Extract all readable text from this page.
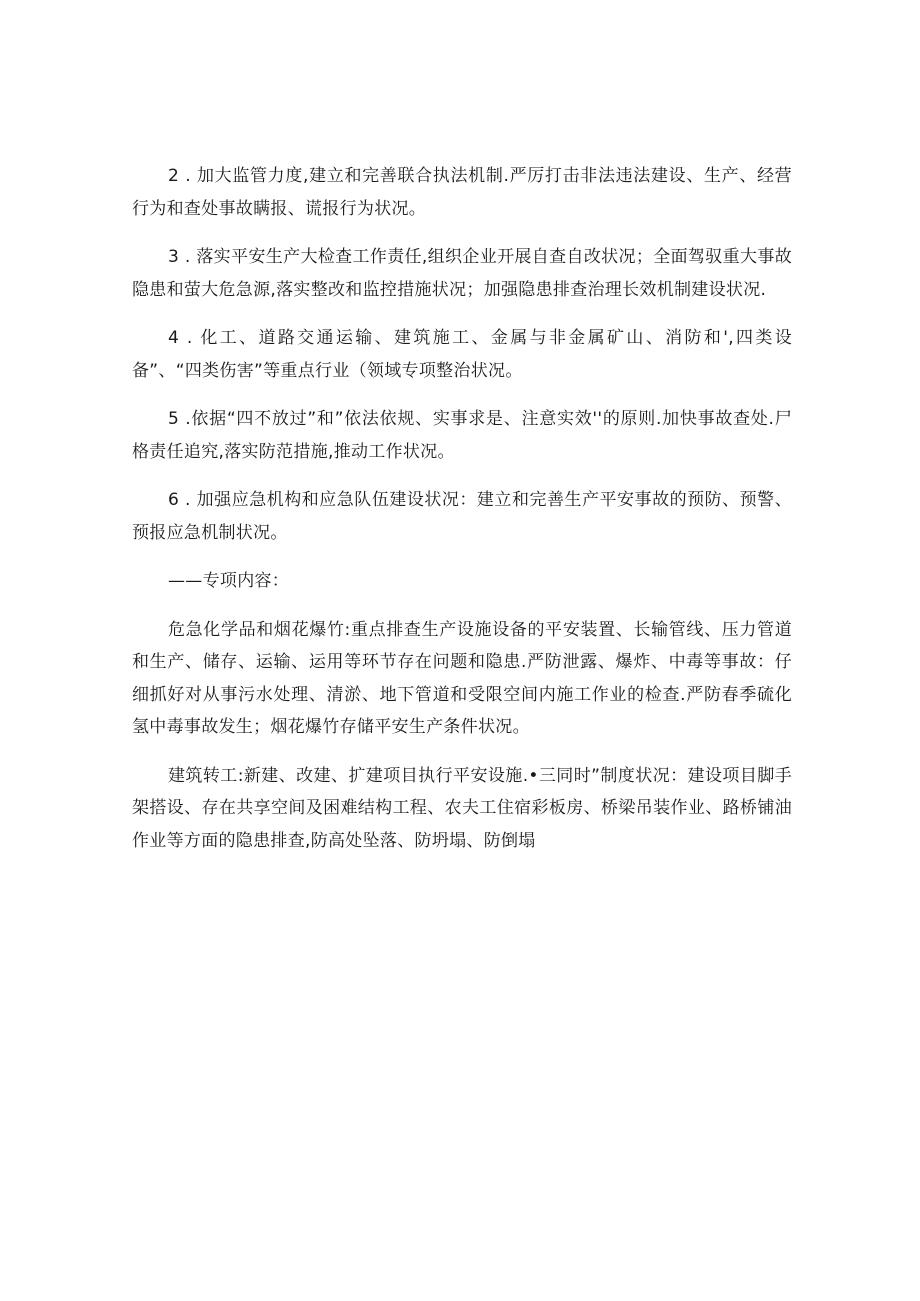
2 . 加大监管力度,建立和完善联合执法机制.严厉打击非法违法建设、生产、经营行为和查处事故瞒报、谎报行为状况。

3 . 落实平安生产大检查工作责任,组织企业开展自查自改状况；全面驾驭重大事故隐患和萤大危急源,落实整改和监控措施状况；加强隐患排查治理长效机制建设状况.

4 . 化工、道路交通运输、建筑施工、金属与非金属矿山、消防和',四类设备”、“四类伤害”等重点行业（领域专项整治状况。

5 .依据“四不放过”和”依法依规、实事求是、注意实效''的原则.加快事故查处.尸格责任追究,落实防范措施,推动工作状况。

6 . 加强应急机构和应急队伍建设状况：建立和完善生产平安事故的预防、预警、预报应急机制状况。

——专项内容：

危急化学品和烟花爆竹:重点排查生产设施设备的平安装置、长输管线、压力管道和生产、储存、运输、运用等环节存在问题和隐患.严防泄露、爆炸、中毒等事故：仔细抓好对从事污水处理、清淤、地下管道和受限空间内施工作业的检查.严防春季硫化氢中毒事故发生；烟花爆竹存储平安生产条件状况。

建筑转工:新建、改建、扩建项目执行平安设施.•三同时”制度状况：建设项目脚手架搭设、存在共享空间及困难结构工程、农夫工住宿彩板房、桥梁吊装作业、路桥铺油作业等方面的隐患排查,防高处坠落、防坍塌、防倒塌
